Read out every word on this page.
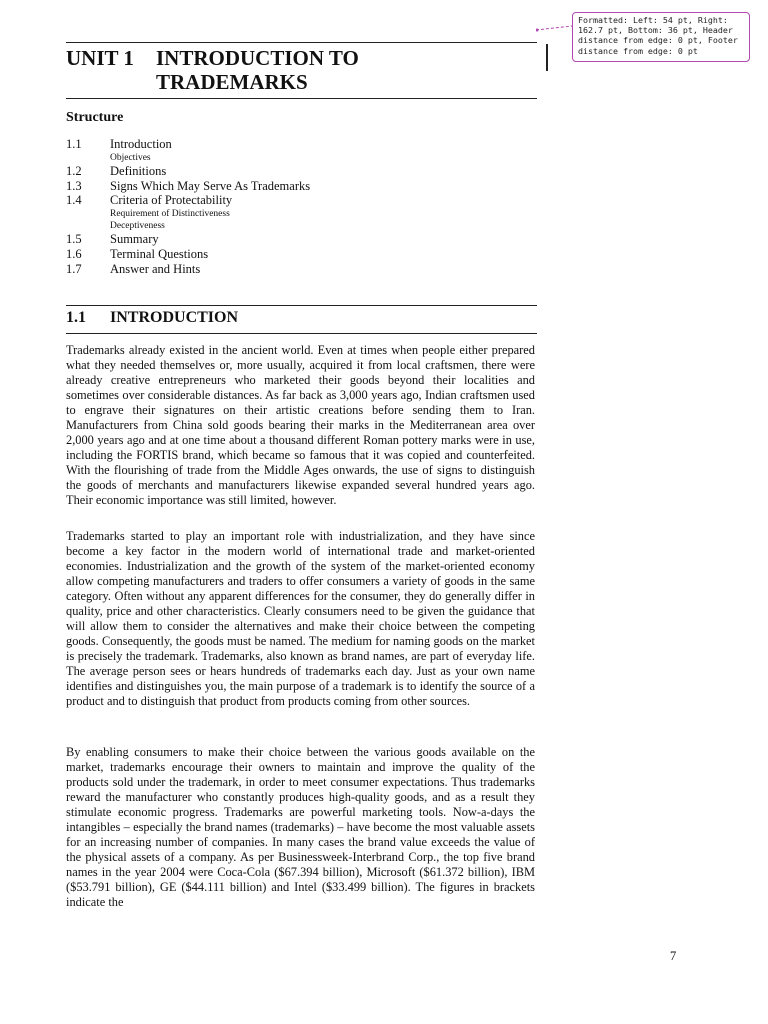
Formatted: Left: 54 pt, Right: 162.7 pt, Bottom: 36 pt, Header distance from edge: 0 pt, Footer distance from edge: 0 pt
UNIT 1 INTRODUCTION TO
TRADEMARKS
Structure
1.1	Introduction
Objectives
1.2	Definitions
1.3	Signs Which May Serve As Trademarks
1.4	Criteria of Protectability
Requirement of Distinctiveness
Deceptiveness
1.5	Summary
1.6	Terminal Questions
1.7	Answer and Hints
1.1 INTRODUCTION

Trademarks already existed in the ancient world. Even at times when people either prepared what they needed themselves or, more usually, acquired it from local craftsmen, there were already creative entrepreneurs who marketed their goods beyond their localities and sometimes over considerable distances. As far back as 3,000 years ago, Indian craftsmen used to engrave their signatures on their artistic creations before sending them to Iran. Manufacturers from China sold goods bearing their marks in the Mediterranean area over 2,000 years ago and at one time about a thousand different Roman pottery marks were in use, including the FORTIS brand, which became so famous that it was copied and counterfeited. With the flourishing of trade from the Middle Ages onwards, the use of signs to distinguish the goods of merchants and manufacturers likewise expanded several hundred years ago. Their economic importance was still limited, however.

Trademarks started to play an important role with industrialization, and they have since become a key factor in the modern world of international trade and market-oriented economies. Industrialization and the growth of the system of the market-oriented economy allow competing manufacturers and traders to offer consumers a variety of goods in the same category. Often without any apparent differences for the consumer, they do generally differ in quality, price and other characteristics. Clearly consumers need to be given the guidance that will allow them to consider the alternatives and make their choice between the competing goods. Consequently, the goods must be named. The medium for naming goods on the market is precisely the trademark. Trademarks, also known as brand names, are part of everyday life. The average person sees or hears hundreds of trademarks each day. Just as your own name identifies and distinguishes you, the main purpose of a trademark is to identify the source of a product and to distinguish that product from products coming from other sources.

By enabling consumers to make their choice between the various goods available on the market, trademarks encourage their owners to maintain and improve the quality of the products sold under the trademark, in order to meet consumer expectations. Thus trademarks reward the manufacturer who constantly produces high-quality goods, and as a result they stimulate economic progress. Trademarks are powerful marketing tools. Now-a-days the intangibles – especially the brand names (trademarks) – have become the most valuable assets for an increasing number of companies. In many cases the brand value exceeds the value of the physical assets of a company. As per Businessweek-Interbrand Corp., the top five brand names in the year 2004 were Coca-Cola ($67.394 billion), Microsoft ($61.372 billion), IBM ($53.791 billion), GE ($44.111 billion) and Intel ($33.499 billion). The figures in brackets indicate the

7
